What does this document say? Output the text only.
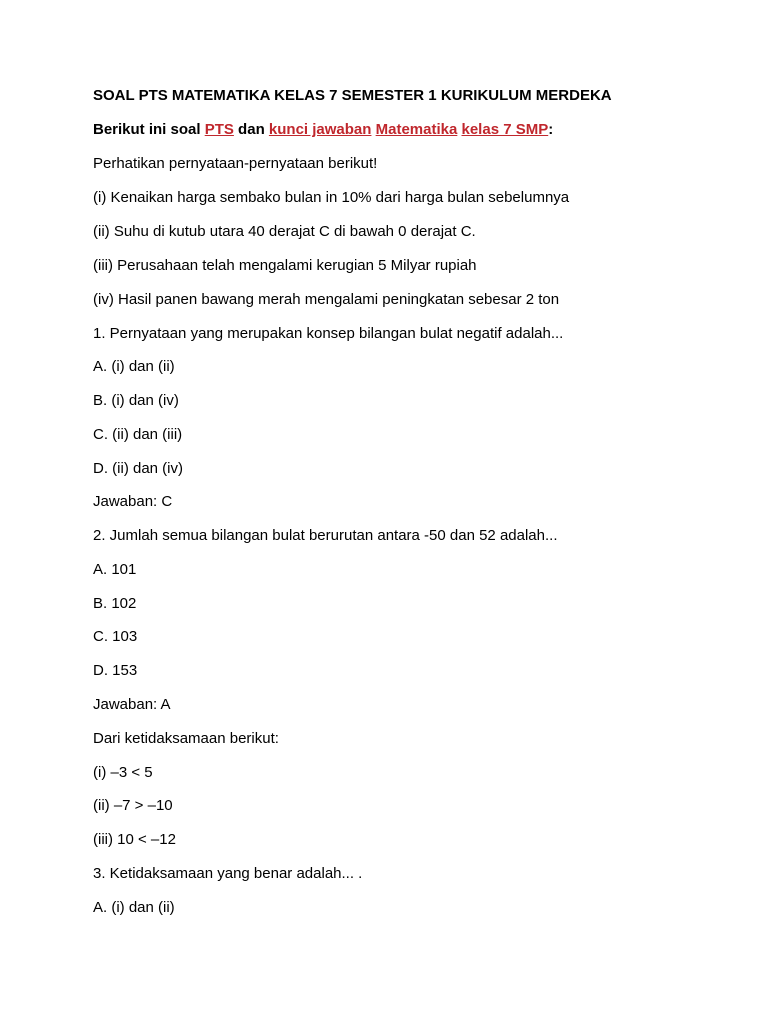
SOAL PTS MATEMATIKA KELAS 7 SEMESTER 1 KURIKULUM MERDEKA
Berikut ini soal PTS dan kunci jawaban Matematika kelas 7 SMP:
Perhatikan pernyataan-pernyataan berikut!
(i) Kenaikan harga sembako bulan in 10% dari harga bulan sebelumnya
(ii) Suhu di kutub utara 40 derajat C di bawah 0 derajat C.
(iii) Perusahaan telah mengalami kerugian 5 Milyar rupiah
(iv) Hasil panen bawang merah mengalami peningkatan sebesar 2 ton
1. Pernyataan yang merupakan konsep bilangan bulat negatif adalah...
A. (i) dan (ii)
B. (i) dan (iv)
C. (ii) dan (iii)
D. (ii) dan (iv)
Jawaban: C
2. Jumlah semua bilangan bulat berurutan antara -50 dan 52 adalah...
A. 101
B. 102
C. 103
D. 153
Jawaban: A
Dari ketidaksamaan berikut:
(i) –3 < 5
(ii) –7 > –10
(iii) 10 < –12
3. Ketidaksamaan yang benar adalah... .
A. (i) dan (ii)
